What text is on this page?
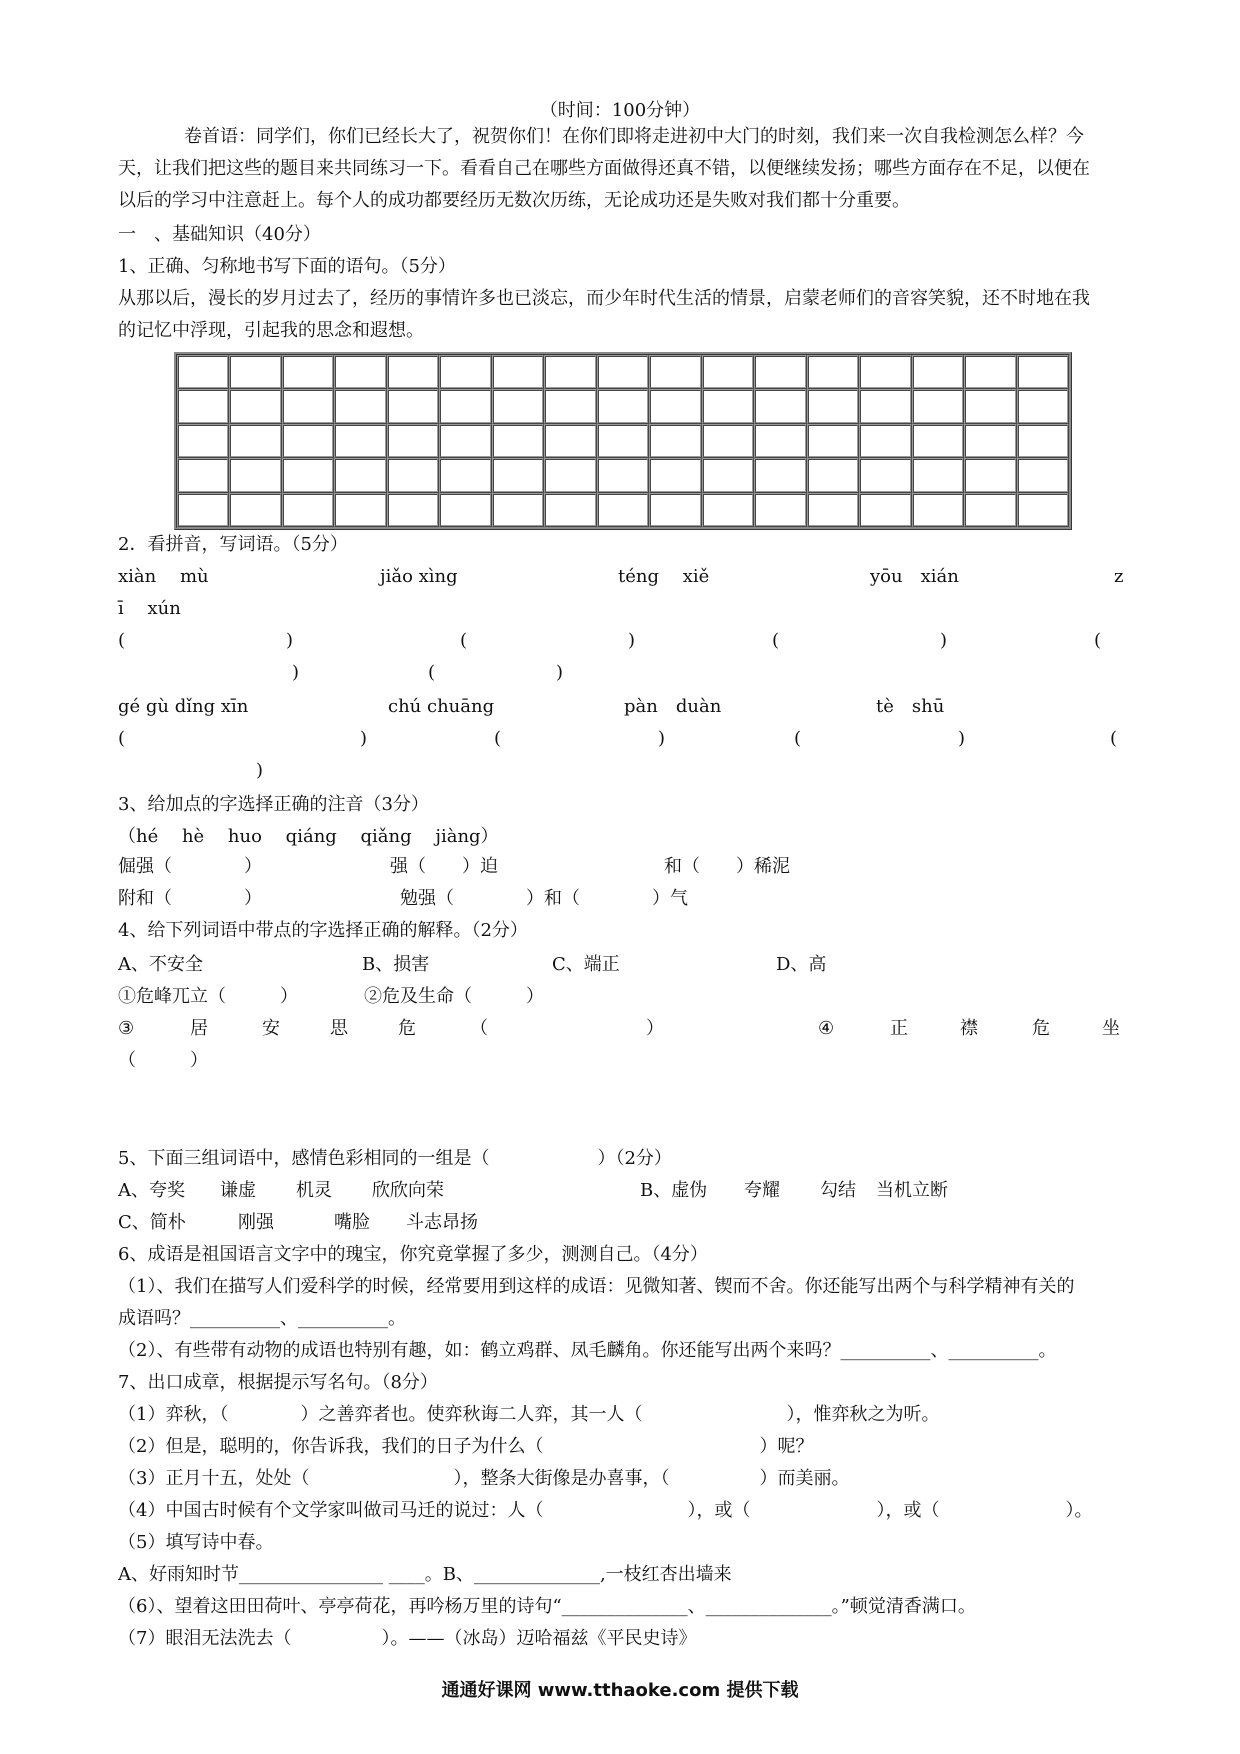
（时间：100分钟）
卷首语：同学们，你们已经长大了，祝贺你们！在你们即将走进初中大门的时刻，我们来一次自我检测怎么样？今
天，让我们把这些的题目来共同练习一下。看看自己在哪些方面做得还真不错，以便继续发扬；哪些方面存在不足，以便在
以后的学习中注意赶上。每个人的成功都要经历无数次历练，无论成功还是失败对我们都十分重要。
一　、基础知识（40分）
1、正确、匀称地书写下面的语句。（5分）
从那以后，漫长的岁月过去了，经历的事情许多也已淡忘，而少年时代生活的情景，启蒙老师们的音容笑貌，还不时地在我
的记忆中浮现，引起我的思念和遐想。
2．看拼音，写词语。（5分）
xiàn　 mù	jiǎo xìng	téng　 xiě	yōu　xián	z
ī　 xún
(	)	(	)	(	)	(
)	(	)
gé gù dǐng xīn	chú chuāng	pàn　duàn	tè　shū
(	)	(	)	(	)	(
)
3、给加点的字选择正确的注音（3分）
（hé　 hè　 huo　 qiáng　 qiǎng　 jiàng）
倔强（　　　　）	强（　　）迫	和（　　）稀泥
附和（　　　　）	勉强（　　　　）和（　　　　）气
4、给下列词语中带点的字选择正确的解释。（2分）
A、不安全	B、损害	C、端正	D、高
①危峰兀立（　　　）	②危及生命（　　　）
③	居	安	思	危	（	）	④	正	襟	危	坐
（　　　）
5、下面三组词语中，感情色彩相同的一组是（　　　　　　）（2分）
A、夸奖 谦虚 机灵 欣欣向荣	B、虚伪 夸耀 勾结 当机立断
C、简朴	刚强	嘴脸 斗志昂扬
6、成语是祖国语言文字中的瑰宝，你究竟掌握了多少，测测自己。（4分）
（1）、我们在描写人们爱科学的时候，经常要用到这样的成语：见微知著、锲而不舍。你还能写出两个与科学精神有关的
成语吗？__________、__________。
（2）、有些带有动物的成语也特别有趣，如：鹤立鸡群、凤毛麟角。你还能写出两个来吗？__________、__________。
7、出口成章，根据提示写名句。（8分）
（1）弈秋，（　　　　）之善弈者也。使弈秋诲二人弈，其一人（　　　　　　　　），惟弈秋之为听。
（2）但是，聪明的，你告诉我，我们的日子为什么（　　　　　　　　　　　　）呢？
（3）正月十五，处处（　　　　　　　　），整条大街像是办喜事，（　　　　　）而美丽。
（4）中国古时候有个文学家叫做司马迁的说过：人（　　　　　　　　），或（　　　　　　　），或（　　　　　　　）。
（5）填写诗中春。
A、好雨知时节________________ ____。B、______________,一枝红杏出墙来
（6）、望着这田田荷叶、亭亭荷花，再吟杨万里的诗句“______________、______________。”顿觉清香满口。
（7）眼泪无法洗去（　　　　　）。——（冰岛）迈哈福兹《平民史诗》
通通好课网 www.tthaoke.com 提供下载
